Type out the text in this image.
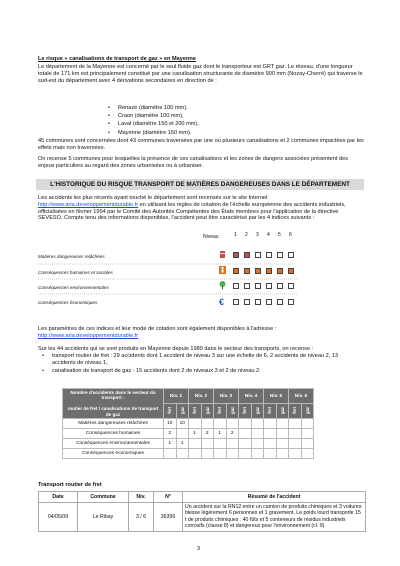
Le risque « canalisations de transport de gaz » en Mayenne

Le département de la Mayenne est concerné par le seul fluide gaz dont le transporteur est GRT gaz. Le réseau, d'une longueur totale de 171 km est principalement constitué par une canalisation structurante de diamètre 900 mm (Nozay-Cherré) qui traverse le sud-est du département avec 4 dérivations secondaires en direction de :

• Renazé (diamètre 100 mm),
• Craon (diamètre 100 mm),
• Laval (diamètre 150 et 200 mm),
• Mayenne (diamètre 150 mm).

45 communes sont concernées dont 43 communes traversées par une ou plusieurs canalisations et 2 communes impactées par les effets mais non traversées.

On recense 5 communes pour lesquelles la présence de ces canalisations et les zones de dangers associées présentent des enjeux particuliers au regard des zones urbanisées ou à urbaniser.

L'HISTORIQUE DU RISQUE TRANSPORT DE MATIÈRES DANGEREUSES DANS LE DÉPARTEMENT

Les accidents les plus récents ayant touché le département sont recensés sur le site Internet http://www.aria.developpementdurable.fr en utilisant les règles de cotation de l'échelle européenne des accidents industriels, officialisées en février 1994 par le Comité des Autorités Compétentes des États membres pour l'application de la directive SEVESO. Compte tenu des informations disponibles, l'accident peut être caractérisé par les 4 indices suivants :

Niveau	1 2 3 4 5 6
Matières dangereuses relâchées
Conséquences humaines et sociales
Conséquences environnementales
Conséquences économiques	€

Les paramètres de ces indices et leur mode de cotation sont également disponibles à l'adresse : http://www.aria.developpementdurable.fr

Sur les 44 accidents qui se sont produits en Mayenne depuis 1989 dans le secteur des transports, on recense :

• transport routier de fret : 29 accidents dont 1 accident de niveau 3 sur une échelle de 6, 2 accidents de niveau 2, 13 accidents de niveau 1,
• canalisation de transport de gaz : 15 accidents dont 2 de niveaux 3 et 2 de niveau 2.
Nombre d'accidents dans le secteur du transport :

routier de fret / canalisations de transport de gaz	Niv. 1		Niv. 2		Niv. 3		Niv. 4		Niv. 5		Niv. 6	
	fret	gaz	fret	gaz	fret	gaz	fret	gaz	fret	gaz	fret	gaz
Matières dangereuses relâchées	10	10										
Conséquences humaines	2		1	2	1	2						
Conséquences environnementales	1	1										
Conséquences économiques												
Transport routier de fret
Date	Commune	Niv.	N°	Résumé de l'accident
04/05/09	Le Ribay	3 / 6	36396	Un accident sur la RN12 entre un camion de produits chimiques et 3 voitures blesse légèrement 6 personnes et 1 gravement. Le poids lourd transporte 15 t de produits chimiques : 40 fûts et 5 conteneurs de résidus industriels corrosifs (classe 8) et dangereux pour l'environnement (cl. 9).
3
